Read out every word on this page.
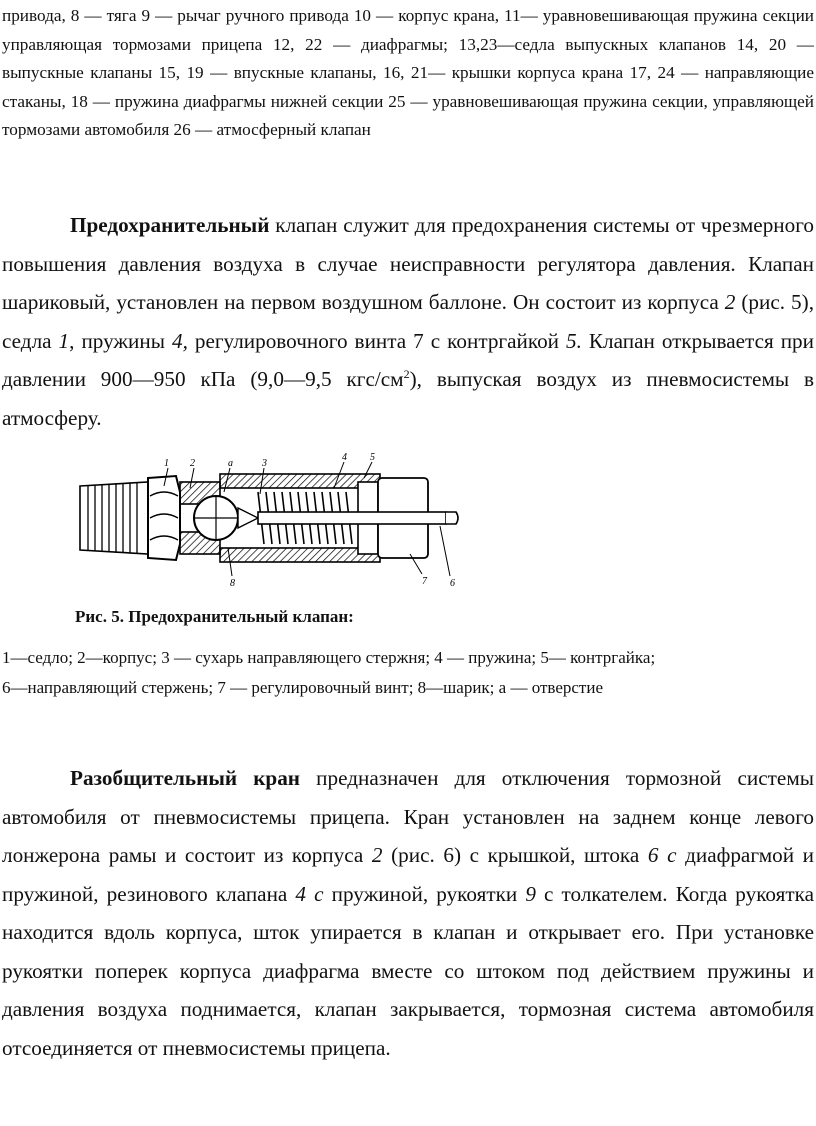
привода, 8 — тяга 9 — рычаг ручного привода 10 — корпус крана, 11— уравновешивающая пружина секции управляющая тормозами прицепа 12, 22 — диафрагмы; 13,23—седла выпускных клапанов 14, 20 — выпускные клапаны 15, 19 — впускные клапаны, 16, 21— крышки корпуса крана 17, 24 — направляющие стаканы, 18 — пружина диафрагмы нижней секции 25 — уравновешивающая пружина секции, управляющей тормозами автомобиля 26 — атмосферный клапан

Предохранительный клапан служит для предохранения системы от чрезмерного повышения давления воздуха в случае неисправности регулятора давления. Клапан шариковый, установлен на первом воздушном баллоне. Он состоит из корпуса 2 (рис. 5), седла 1, пружины 4, регулировочного винта 7 с контргайкой 5. Клапан открывается при давлении 900—950 кПа (9,0—9,5 кгс/$см^2$), выпуская воздух из пневмосистемы в атмосферу.

1 2	а	3
4 5
8	7 6

Рис. 5. Предохранительный клапан:

1—седло; 2—корпус; 3 — сухарь направляющего стержня; 4 — пружина; 5— контргайка;
6—направляющий стержень; 7 — регулировочный винт; 8—шарик; а — отверстие

Разобщительный кран предназначен для отключения тормозной системы автомобиля от пневмосистемы прицепа. Кран установлен на заднем конце левого лонжерона рамы и состоит из корпуса 2 (рис. 6) с крышкой, штока 6 с диафрагмой и пружиной, резинового клапана 4 с пружиной, рукоятки 9 с толкателем. Когда рукоятка находится вдоль корпуса, шток упирается в клапан и открывает его. При установке рукоятки поперек корпуса диафрагма вместе со штоком под действием пружины и давления воздуха поднимается, клапан закрывается, тормозная система автомобиля отсоединяется от пневмосистемы прицепа.
